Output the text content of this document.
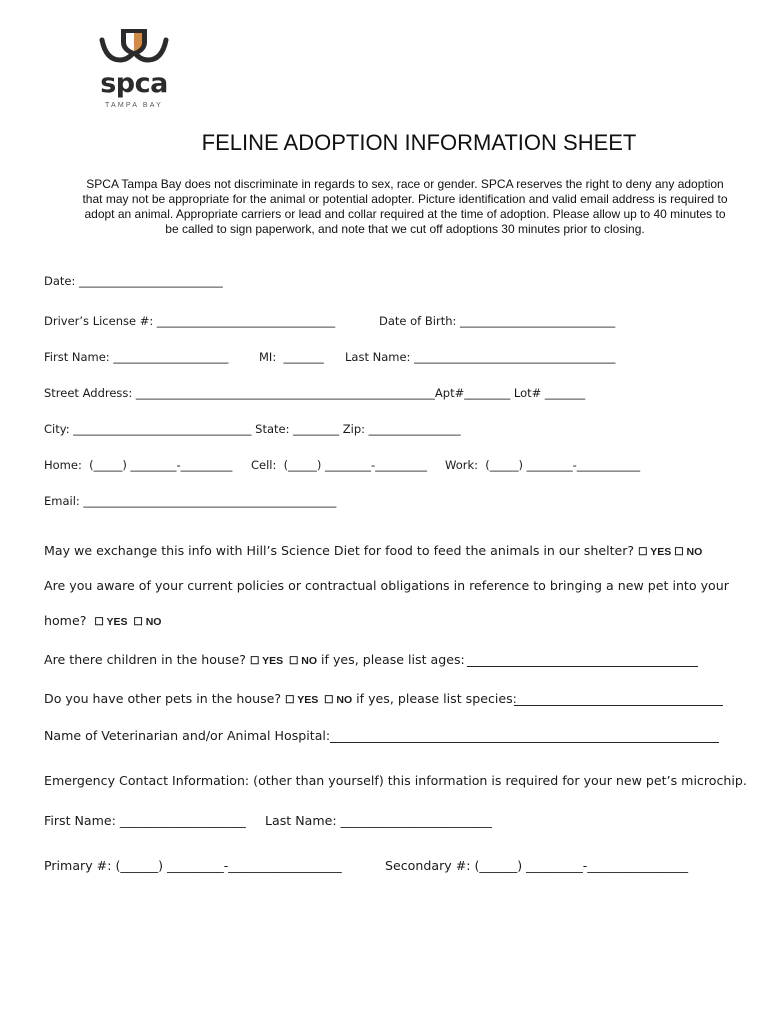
spca
TAMPA BAY
FELINE ADOPTION INFORMATION SHEET
SPCA Tampa Bay does not discriminate in regards to sex, race or gender. SPCA reserves the right to deny any adoption that may not be appropriate for the animal or potential adopter. Picture identification and valid email address is required to adopt an animal. Appropriate carriers or lead and collar required at the time of adoption. Please allow up to 40 minutes to be called to sign paperwork, and note that we cut off adoptions 30 minutes prior to closing.
Date: _________________________
Driver’s License #: _______________________________	Date of Birth: ___________________________
First Name: ____________________	MI:  _______ Last Name: ___________________________________
Street Address: ____________________________________________________Apt#________ Lot# _______
City: _______________________________ State: ________ Zip: ________________
Home:  (_____) ________-_________ Cell:  (_____) ________-_________ Work:  (_____) ________-___________
Email: ____________________________________________
May we exchange this info with Hill’s Science Diet for food to feed the animals in our shelter? ☐ YES ☐ NO
Are you aware of your current policies or contractual obligations in reference to bringing a new pet into your
home?  ☐ YES  ☐ NO
Are there children in the house? ☐ YES  ☐ NO if yes, please list ages:
Do you have other pets in the house? ☐ YES  ☐ NO if yes, please list species:
Name of Veterinarian and/or Animal Hospital:
Emergency Contact Information: (other than yourself) this information is required for your new pet’s microchip.
First Name: ____________________ Last Name: ________________________
Primary #: (______) _________-__________________	Secondary #: (______) _________-________________
